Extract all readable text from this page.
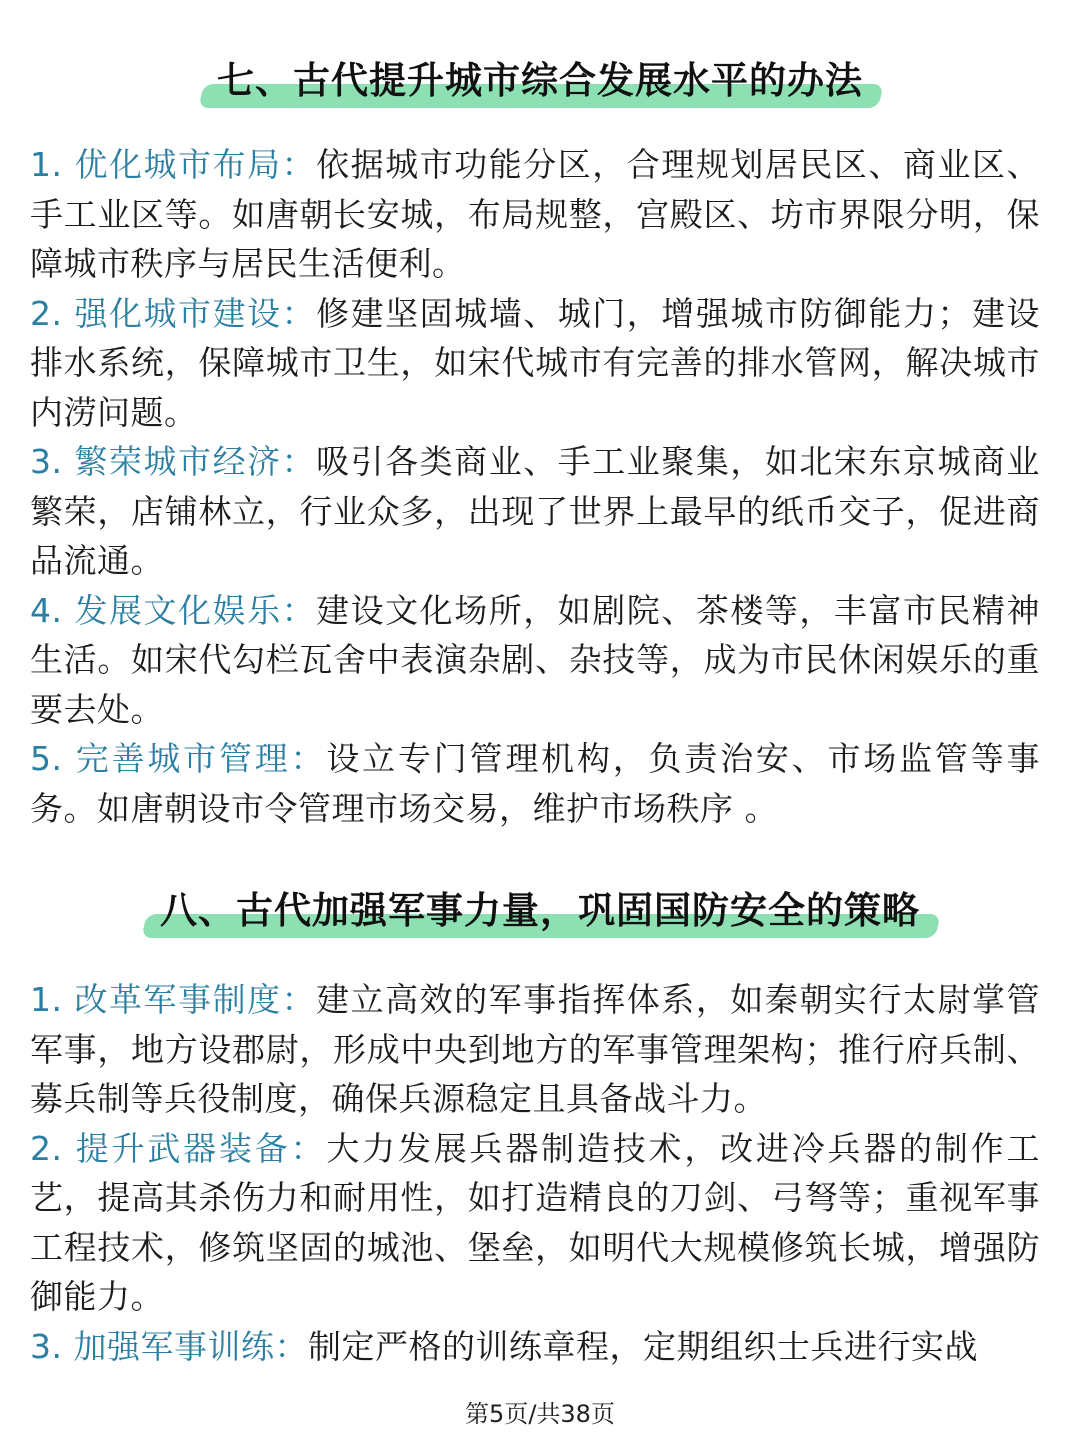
七、古代提升城市综合发展水平的办法

1. 优化城市布局：依据城市功能分区，合理规划居民区、商业区、手工业区等。如唐朝长安城，布局规整，宫殿区、坊市界限分明，保障城市秩序与居民生活便利。

2. 强化城市建设：修建坚固城墙、城门，增强城市防御能力；建设排水系统，保障城市卫生，如宋代城市有完善的排水管网，解决城市内涝问题。

3. 繁荣城市经济：吸引各类商业、手工业聚集，如北宋东京城商业繁荣，店铺林立，行业众多，出现了世界上最早的纸币交子，促进商品流通。

4. 发展文化娱乐：建设文化场所，如剧院、茶楼等，丰富市民精神生活。如宋代勾栏瓦舍中表演杂剧、杂技等，成为市民休闲娱乐的重要去处。

5. 完善城市管理：设立专门管理机构，负责治安、市场监管等事务。如唐朝设市令管理市场交易，维护市场秩序 。

八、古代加强军事力量，巩固国防安全的策略

1. 改革军事制度：建立高效的军事指挥体系，如秦朝实行太尉掌管军事，地方设郡尉，形成中央到地方的军事管理架构；推行府兵制、募兵制等兵役制度，确保兵源稳定且具备战斗力。

2. 提升武器装备：大力发展兵器制造技术，改进冷兵器的制作工艺，提高其杀伤力和耐用性，如打造精良的刀剑、弓弩等；重视军事工程技术，修筑坚固的城池、堡垒，如明代大规模修筑长城，增强防御能力。

3. 加强军事训练：制定严格的训练章程，定期组织士兵进行实战

第5页/共38页
